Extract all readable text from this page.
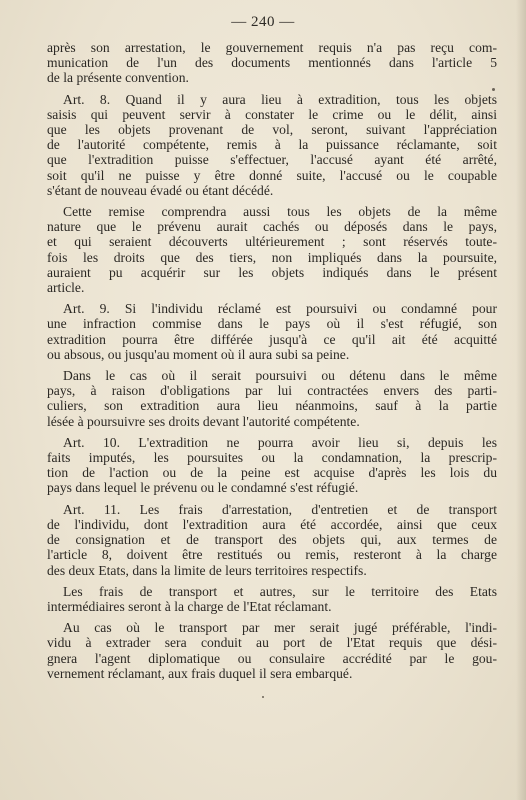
— 240 —
après son arrestation, le gouvernement requis n'a pas reçu com-
munication de l'un des documents mentionnés dans l'article 5
de la présente convention.
Art. 8. Quand il y aura lieu à extradition, tous les objets
saisis qui peuvent servir à constater le crime ou le délit, ainsi
que les objets provenant de vol, seront, suivant l'appréciation
de l'autorité compétente, remis à la puissance réclamante, soit
que l'extradition puisse s'effectuer, l'accusé ayant été arrêté,
soit qu'il ne puisse y être donné suite, l'accusé ou le coupable
s'étant de nouveau évadé ou étant décédé.
Cette remise comprendra aussi tous les objets de la même
nature que le prévenu aurait cachés ou déposés dans le pays,
et qui seraient découverts ultérieurement ; sont réservés toute-
fois les droits que des tiers, non impliqués dans la poursuite,
auraient pu acquérir sur les objets indiqués dans le présent
article.
Art. 9. Si l'individu réclamé est poursuivi ou condamné pour
une infraction commise dans le pays où il s'est réfugié, son
extradition pourra être différée jusqu'à ce qu'il ait été acquitté
ou absous, ou jusqu'au moment où il aura subi sa peine.
Dans le cas où il serait poursuivi ou détenu dans le même
pays, à raison d'obligations par lui contractées envers des parti-
culiers, son extradition aura lieu néanmoins, sauf à la partie
lésée à poursuivre ses droits devant l'autorité compétente.
Art. 10. L'extradition ne pourra avoir lieu si, depuis les
faits imputés, les poursuites ou la condamnation, la prescrip-
tion de l'action ou de la peine est acquise d'après les lois du
pays dans lequel le prévenu ou le condamné s'est réfugié.
Art. 11. Les frais d'arrestation, d'entretien et de transport
de l'individu, dont l'extradition aura été accordée, ainsi que ceux
de consignation et de transport des objets qui, aux termes de
l'article 8, doivent être restitués ou remis, resteront à la charge
des deux Etats, dans la limite de leurs territoires respectifs.
Les frais de transport et autres, sur le territoire des Etats
intermédiaires seront à la charge de l'Etat réclamant.
Au cas où le transport par mer serait jugé préférable, l'indi-
vidu à extrader sera conduit au port de l'Etat requis que dési-
gnera l'agent diplomatique ou consulaire accrédité par le gou-
vernement réclamant, aux frais duquel il sera embarqué.
